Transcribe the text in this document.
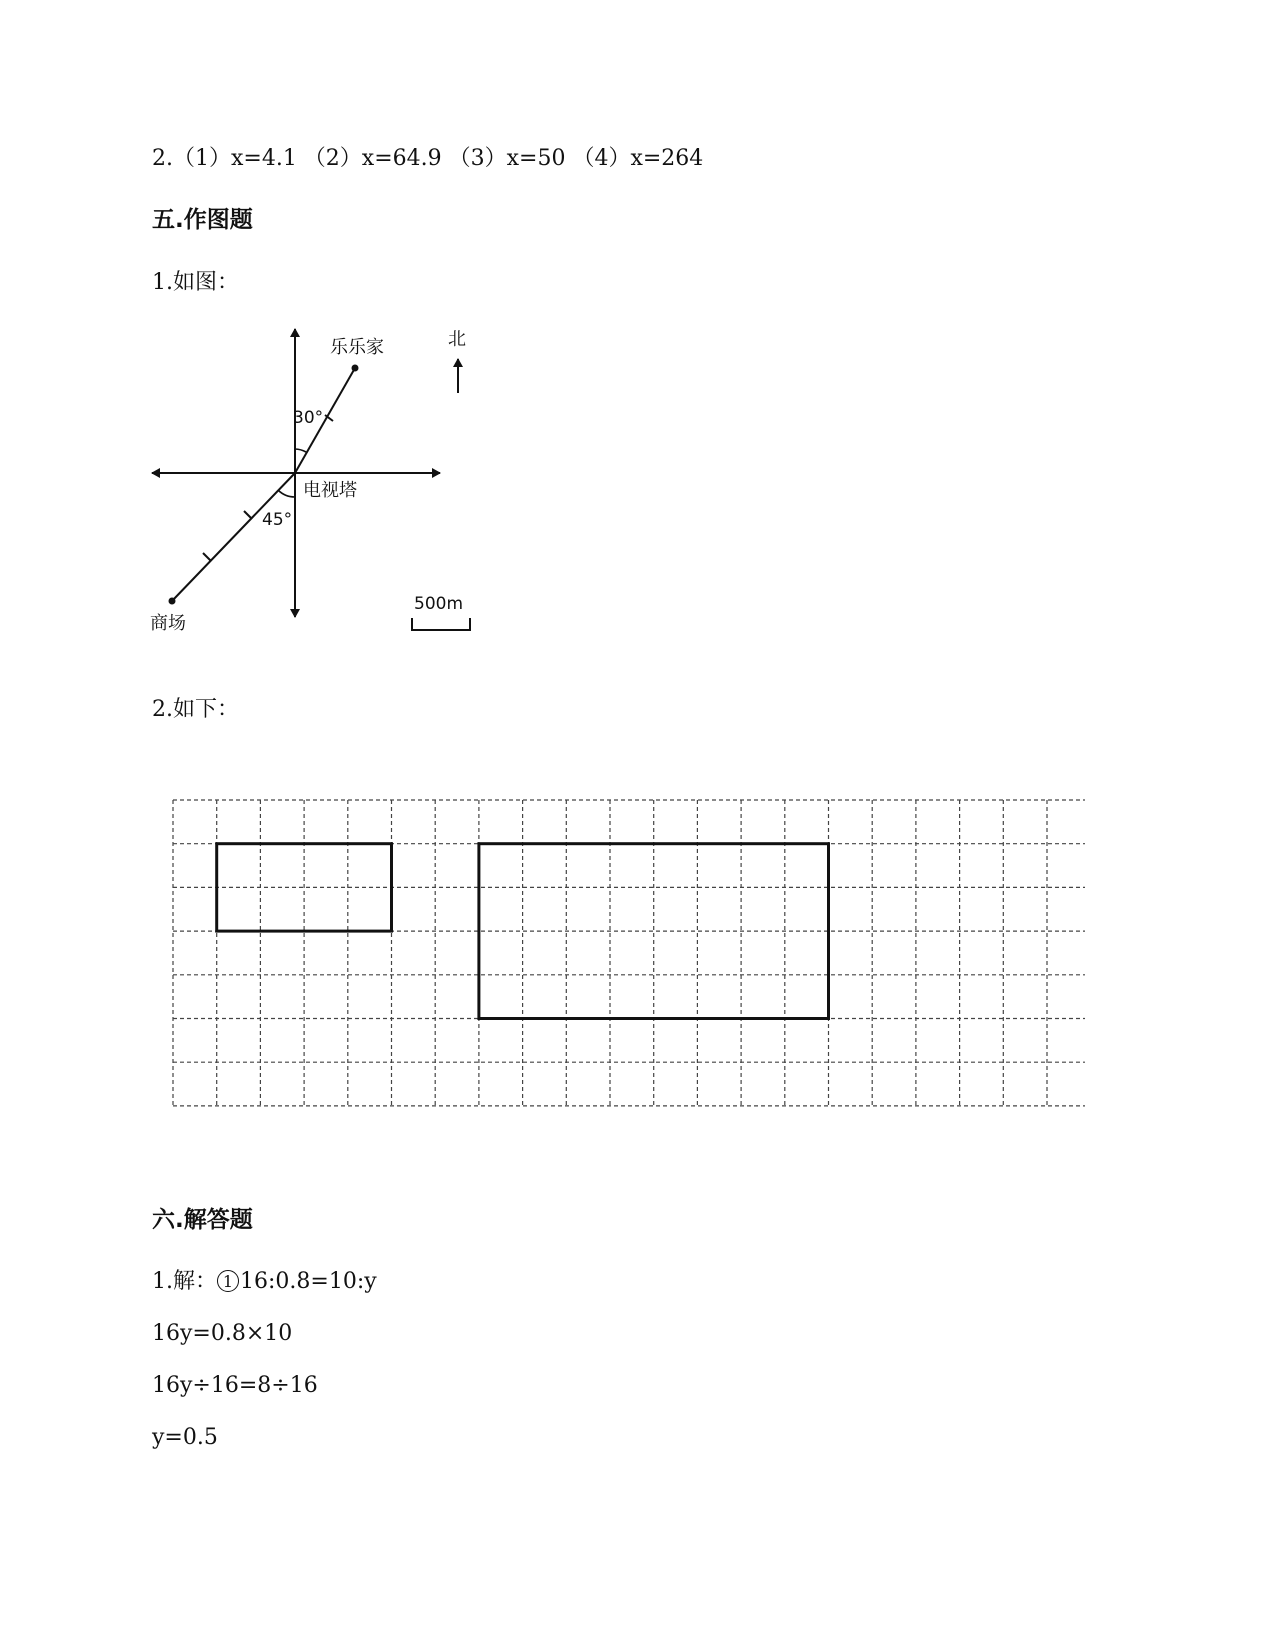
2.（1）x=4.1 （2）x=64.9 （3）x=50 （4）x=264
五.作图题
1.如图：
北
乐乐家
30°
电视塔
45°
商场
500m
2.如下：
六.解答题
1.解： 1 16:0.8=10:y
16y=0.8×10
16y÷16=8÷16
y=0.5
